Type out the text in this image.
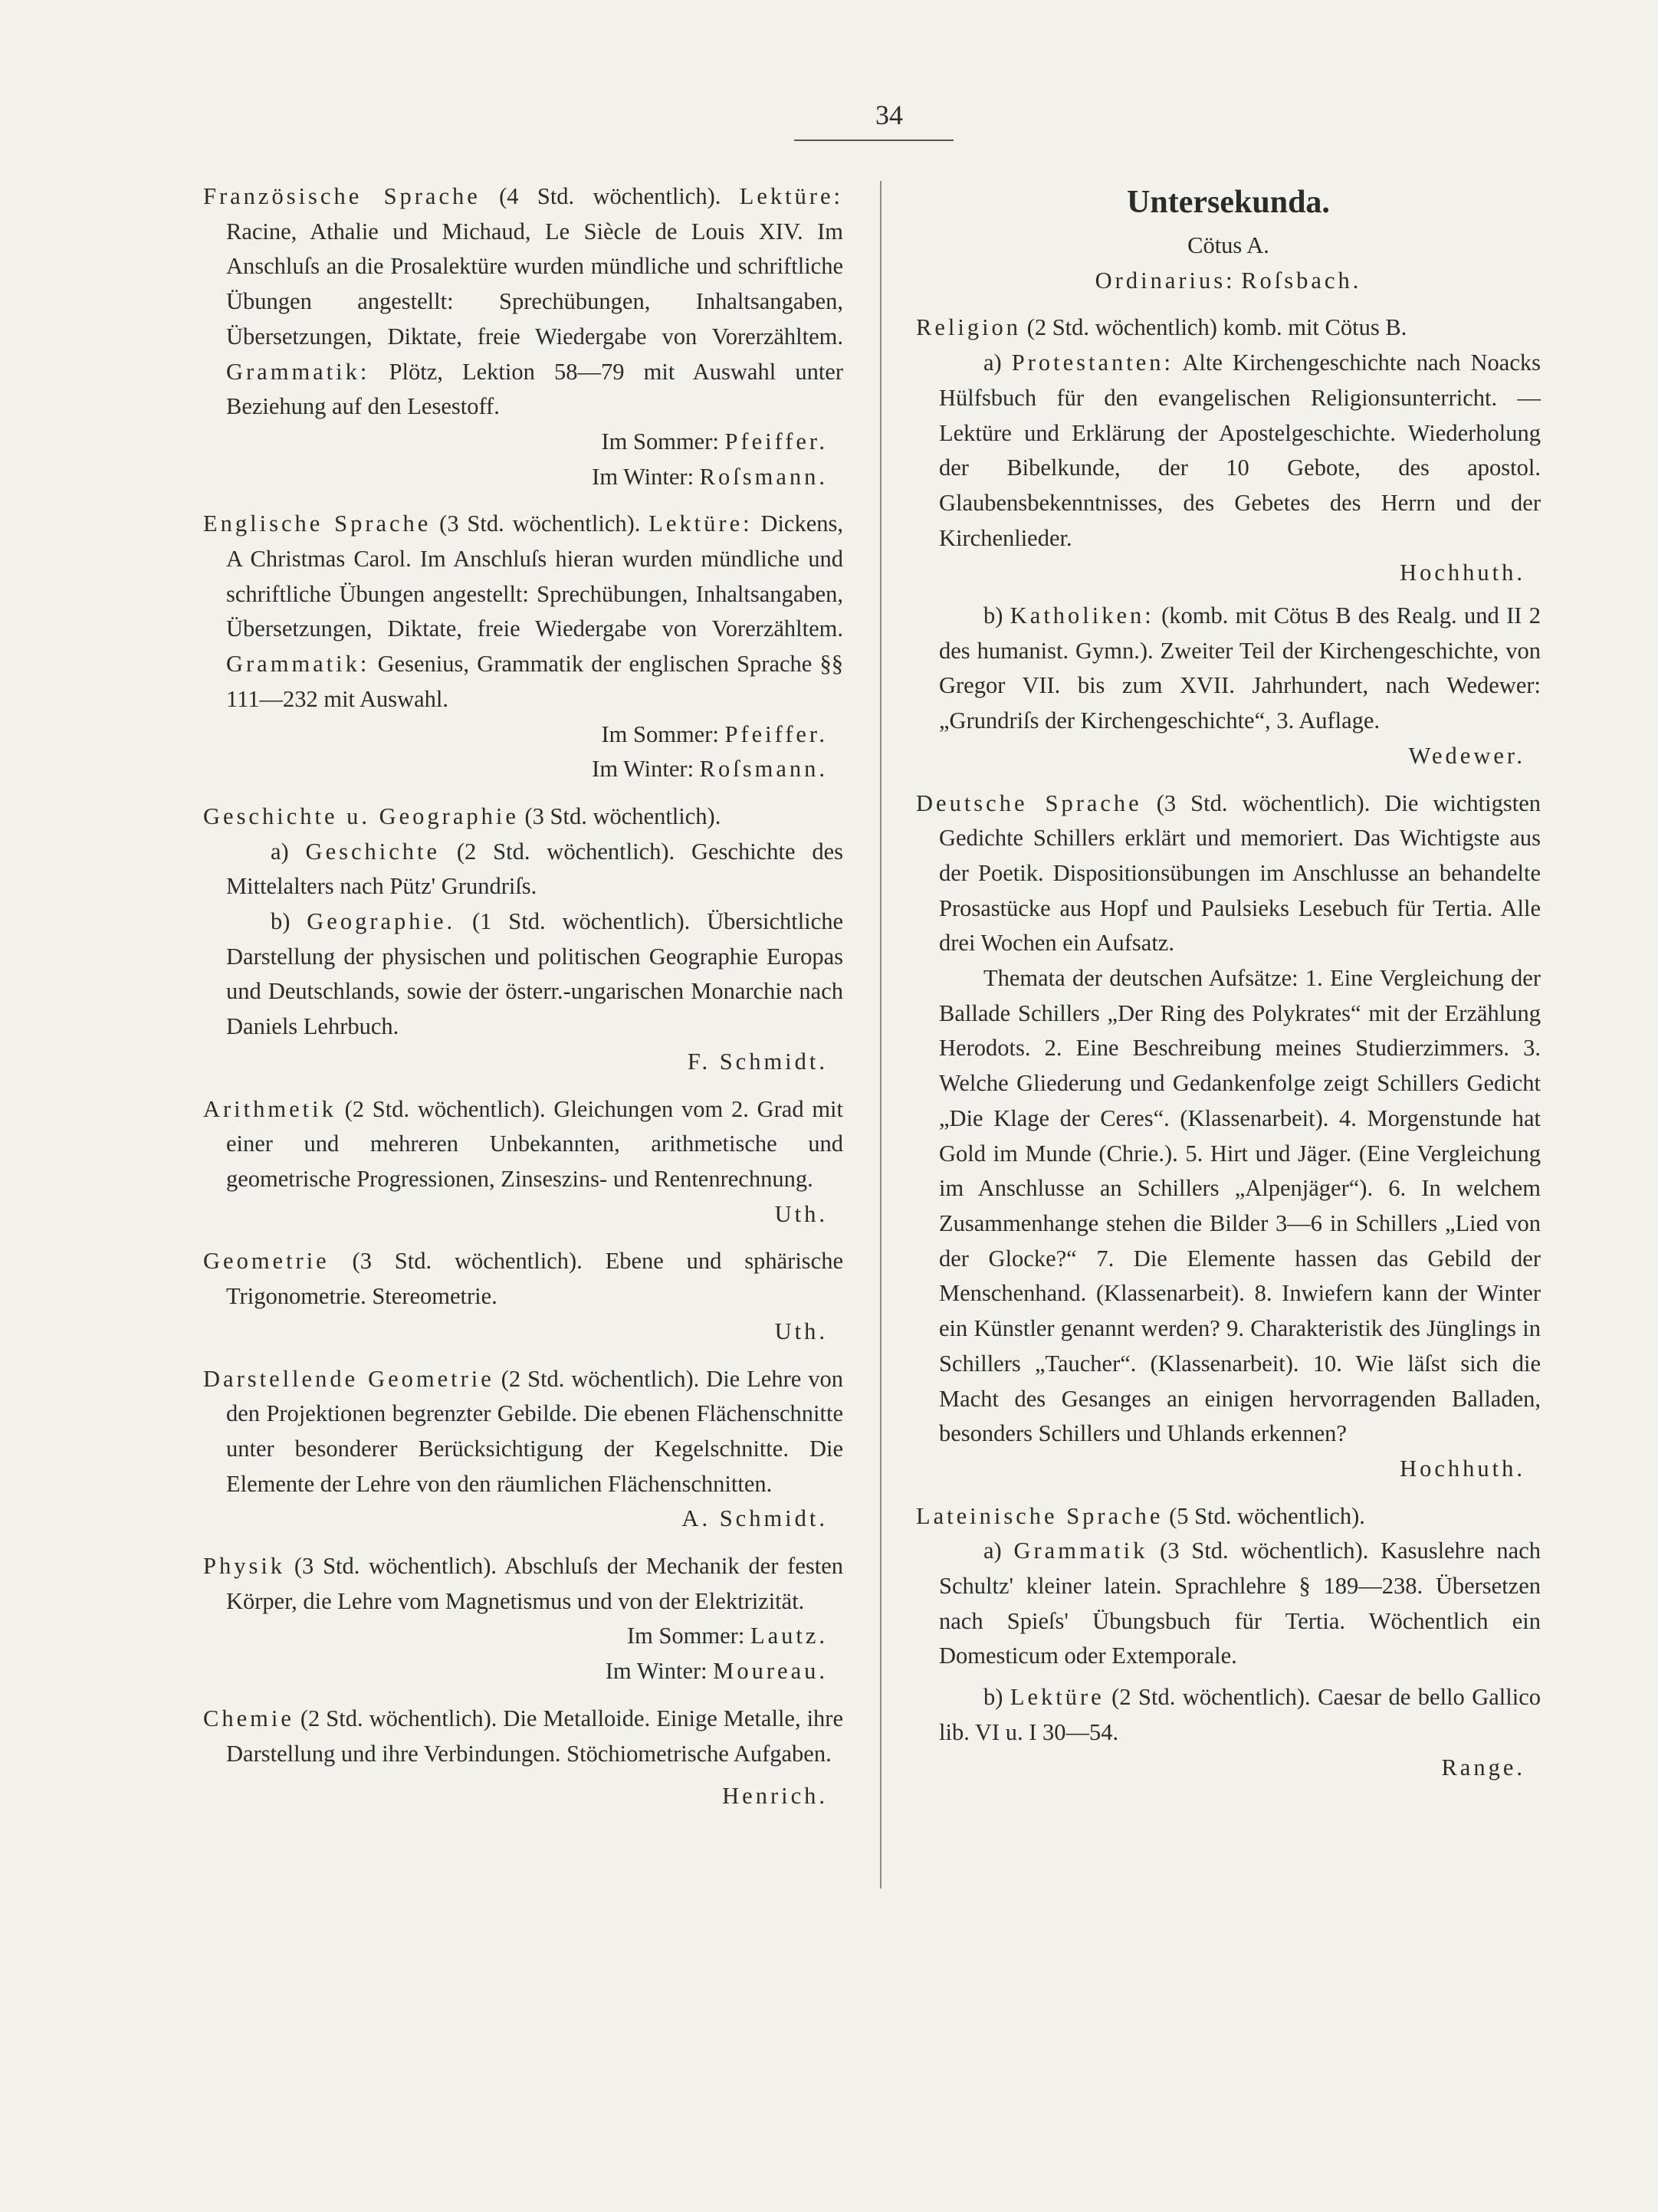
34

Französische Sprache (4 Std. wöchentlich). Lektüre: Racine, Athalie und Michaud, Le Siècle de Louis XIV. Im Anschluſs an die Prosalektüre wurden mündliche und schriftliche Übungen angestellt: Sprechübungen, Inhaltsangaben, Übersetzungen, Diktate, freie Wiedergabe von Vorerzähltem. Grammatik: Plötz, Lektion 58—79 mit Auswahl unter Beziehung auf den Lesestoff.

Im Sommer: Pfeiffer.

Im Winter: Roſsmann.

Englische Sprache (3 Std. wöchentlich). Lektüre: Dickens, A Christmas Carol. Im Anschluſs hieran wurden mündliche und schriftliche Übungen angestellt: Sprechübungen, Inhaltsangaben, Übersetzungen, Diktate, freie Wiedergabe von Vorerzähltem. Grammatik: Gesenius, Grammatik der englischen Sprache §§ 111—232 mit Auswahl.

Im Sommer: Pfeiffer.

Im Winter: Roſsmann.

Geschichte u. Geographie (3 Std. wöchentlich).

a) Geschichte (2 Std. wöchentlich). Geschichte des Mittelalters nach Pütz' Grundriſs.

b) Geographie. (1 Std. wöchentlich). Übersichtliche Darstellung der physischen und politischen Geographie Europas und Deutschlands, sowie der österr.-ungarischen Monarchie nach Daniels Lehrbuch.

F. Schmidt.

Arithmetik (2 Std. wöchentlich). Gleichungen vom 2. Grad mit einer und mehreren Unbekannten, arithmetische und geometrische Progressionen, Zinseszins- und Rentenrechnung.

Uth.

Geometrie (3 Std. wöchentlich). Ebene und sphärische Trigonometrie. Stereometrie.

Uth.

Darstellende Geometrie (2 Std. wöchentlich). Die Lehre von den Projektionen begrenzter Gebilde. Die ebenen Flächenschnitte unter besonderer Berücksichtigung der Kegelschnitte. Die Elemente der Lehre von den räumlichen Flächenschnitten.

A. Schmidt.

Physik (3 Std. wöchentlich). Abschluſs der Mechanik der festen Körper, die Lehre vom Magnetismus und von der Elektrizität.

Im Sommer: Lautz.

Im Winter: Moureau.

Chemie (2 Std. wöchentlich). Die Metalloide. Einige Metalle, ihre Darstellung und ihre Verbindungen. Stöchiometrische Aufgaben.

Henrich.

Untersekunda.

Cötus A.

Ordinarius: Roſsbach.

Religion (2 Std. wöchentlich) komb. mit Cötus B.

a) Protestanten: Alte Kirchengeschichte nach Noacks Hülfsbuch für den evangelischen Religionsunterricht. — Lektüre und Erklärung der Apostelgeschichte. Wiederholung der Bibelkunde, der 10 Gebote, des apostol. Glaubensbekenntnisses, des Gebetes des Herrn und der Kirchenlieder.

Hochhuth.

b) Katholiken: (komb. mit Cötus B des Realg. und II 2 des humanist. Gymn.). Zweiter Teil der Kirchengeschichte, von Gregor VII. bis zum XVII. Jahrhundert, nach Wedewer: „Grundriſs der Kirchengeschichte“, 3. Auflage.

Wedewer.

Deutsche Sprache (3 Std. wöchentlich). Die wichtigsten Gedichte Schillers erklärt und memoriert. Das Wichtigste aus der Poetik. Dispositionsübungen im Anschlusse an behandelte Prosastücke aus Hopf und Paulsieks Lesebuch für Tertia. Alle drei Wochen ein Aufsatz.

Themata der deutschen Aufsätze: 1. Eine Vergleichung der Ballade Schillers „Der Ring des Polykrates“ mit der Erzählung Herodots. 2. Eine Beschreibung meines Studierzimmers. 3. Welche Gliederung und Gedankenfolge zeigt Schillers Gedicht „Die Klage der Ceres“. (Klassenarbeit). 4. Morgenstunde hat Gold im Munde (Chrie.). 5. Hirt und Jäger. (Eine Vergleichung im Anschlusse an Schillers „Alpenjäger“). 6. In welchem Zusammenhange stehen die Bilder 3—6 in Schillers „Lied von der Glocke?“ 7. Die Elemente hassen das Gebild der Menschenhand. (Klassenarbeit). 8. Inwiefern kann der Winter ein Künstler genannt werden? 9. Charakteristik des Jünglings in Schillers „Taucher“. (Klassenarbeit). 10. Wie läſst sich die Macht des Gesanges an einigen hervorragenden Balladen, besonders Schillers und Uhlands erkennen?

Hochhuth.

Lateinische Sprache (5 Std. wöchentlich).

a) Grammatik (3 Std. wöchentlich). Kasuslehre nach Schultz' kleiner latein. Sprachlehre § 189—238. Übersetzen nach Spieſs' Übungsbuch für Tertia. Wöchentlich ein Domesticum oder Extemporale.

b) Lektüre (2 Std. wöchentlich). Caesar de bello Gallico lib. VI u. I 30—54.

Range.
